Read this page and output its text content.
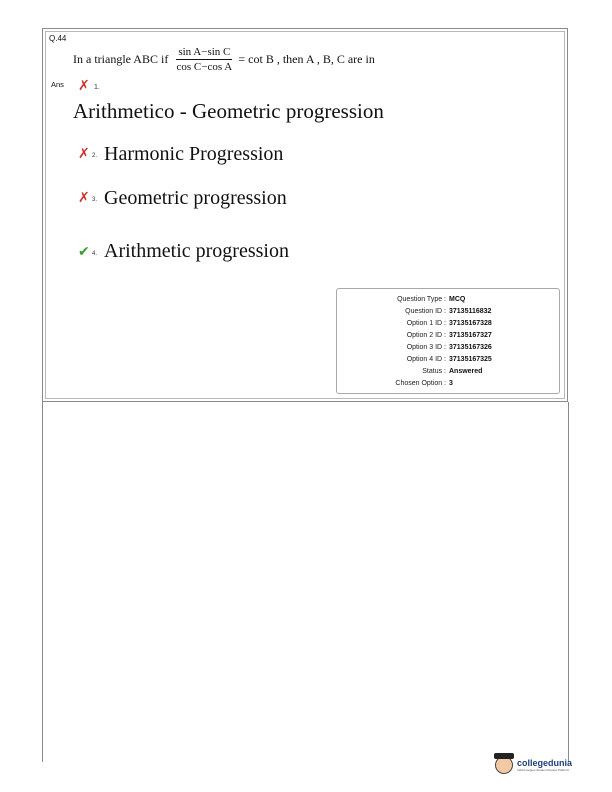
Q.44
In a triangle ABC if $\frac{\text{sin A−sin C}}{\text{cos C−cos A}} = \cot B$ , then A , B, C are in
Ans ✗ 1.
Arithmetico - Geometric progression
✗ 2. Harmonic Progression
✗ 3. Geometric progression
✔ 4. Arithmetic progression
Question Type : MCQ
Question ID : 37135116832
Option 1 ID : 37135167328
Option 2 ID : 37135167327
Option 3 ID : 37135167326
Option 4 ID : 37135167325
Status : Answered
Chosen Option : 3
collegedunia
India's largest Student Review Platform
